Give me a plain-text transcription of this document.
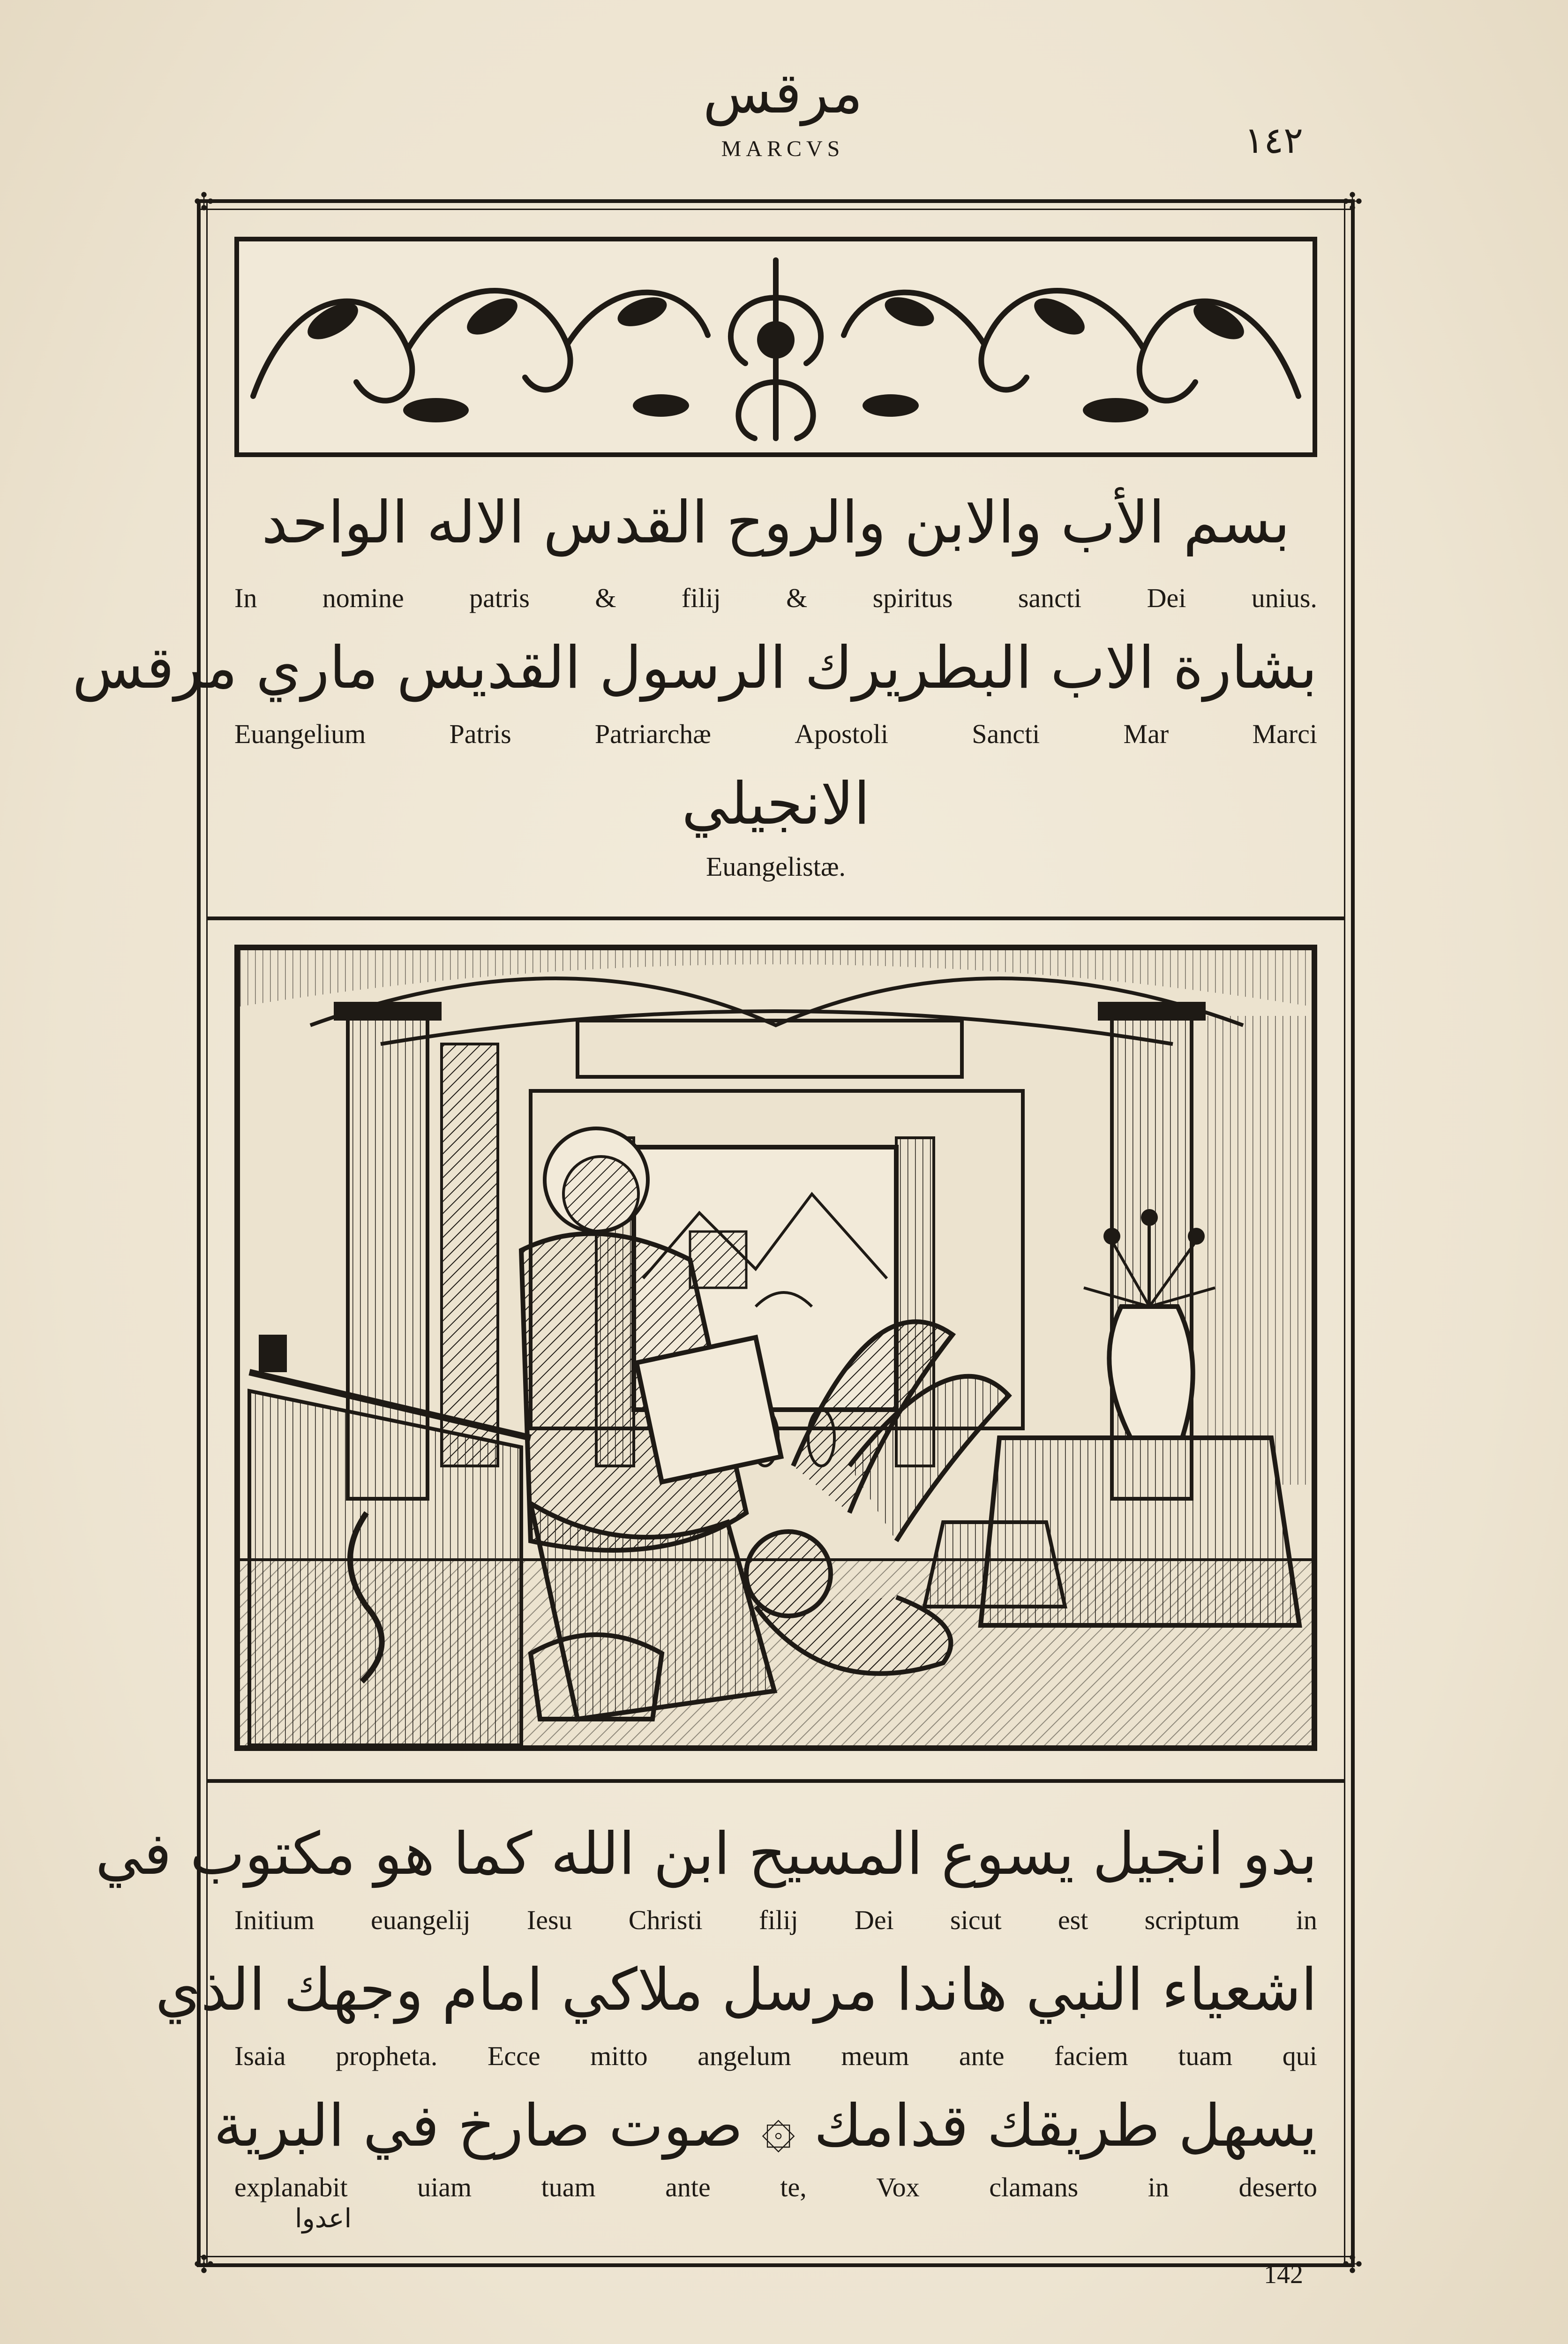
مرقس
MARCVS	١٤٢
✣	✣
✣	✣
بسم الأب والابن والروح القدس الاله الواحد
In nomine patris & filij & spiritus sancti Dei unius.
بشارة الاب البطريرك الرسول القديس ماري مرقس
Euangelium	Patris	Patriarchæ	Apostoli	Sancti	Mar	Marci
الانجيلي
Euangelistæ.
بدو انجيل يسوع المسيح ابن الله كما هو مكتوب في
Initium euangelij Iesu Christi filij Dei sicut est scriptum in
اشعياء النبي هاندا مرسل ملاكي امام وجهك الذي
Isaia propheta. Ecce mitto angelum meum ante faciem tuam qui
يسهل طريقك قدامك ۞ صوت صارخ في البرية
explanabit	uiam	tuam	ante	te,	Vox	clamans	in	deserto
اعدوا
142
